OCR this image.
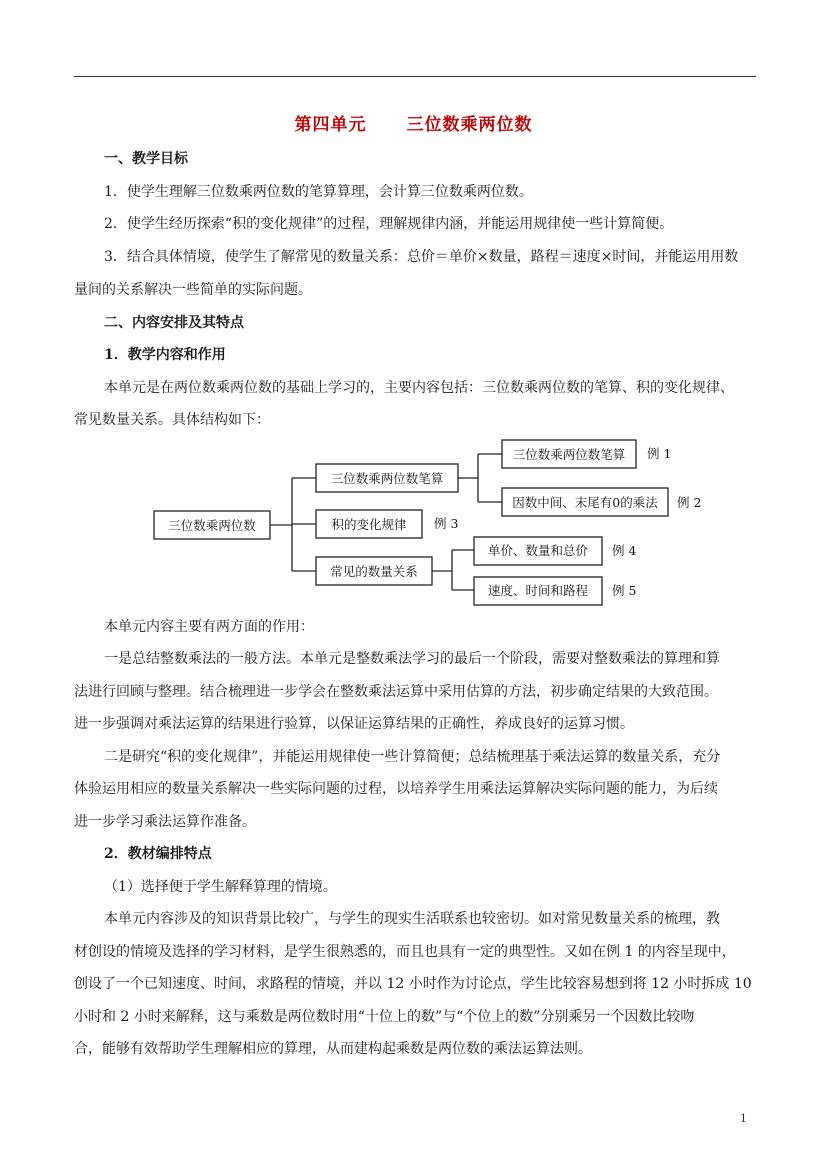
第四单元 三位数乘两位数
一、教学目标
1．使学生理解三位数乘两位数的笔算算理，会计算三位数乘两位数。
2．使学生经历探索“积的变化规律”的过程，理解规律内涵，并能运用规律使一些计算简便。
3．结合具体情境，使学生了解常见的数量关系：总价＝单价×数量，路程＝速度×时间，并能运用用数
量间的关系解决一些简单的实际问题。
二、内容安排及其特点
1．教学内容和作用
本单元是在两位数乘两位数的基础上学习的，主要内容包括：三位数乘两位数的笔算、积的变化规律、
常见数量关系。具体结构如下：
三位数乘两位数
三位数乘两位数笔算
积的变化规律 例 3
常见的数量关系
三位数乘两位数笔算 例 1
因数中间、末尾有0的乘法 例 2
单价、数量和总价 例 4
速度、时间和路程 例 5
本单元内容主要有两方面的作用：
一是总结整数乘法的一般方法。本单元是整数乘法学习的最后一个阶段，需要对整数乘法的算理和算
法进行回顾与整理。结合梳理进一步学会在整数乘法运算中采用估算的方法，初步确定结果的大致范围。
进一步强调对乘法运算的结果进行验算，以保证运算结果的正确性，养成良好的运算习惯。
二是研究“积的变化规律”，并能运用规律使一些计算简便；总结梳理基于乘法运算的数量关系，充分
体验运用相应的数量关系解决一些实际问题的过程，以培养学生用乘法运算解决实际问题的能力，为后续
进一步学习乘法运算作准备。
2．教材编排特点
（1）选择便于学生解释算理的情境。
本单元内容涉及的知识背景比较广，与学生的现实生活联系也较密切。如对常见数量关系的梳理，教
材创设的情境及选择的学习材料，是学生很熟悉的，而且也具有一定的典型性。又如在例 1 的内容呈现中，
创设了一个已知速度、时间，求路程的情境，并以 12 小时作为讨论点，学生比较容易想到将 12 小时拆成 10
小时和 2 小时来解释，这与乘数是两位数时用“十位上的数”与“个位上的数”分别乘另一个因数比较吻
合，能够有效帮助学生理解相应的算理，从而建构起乘数是两位数的乘法运算法则。
1
